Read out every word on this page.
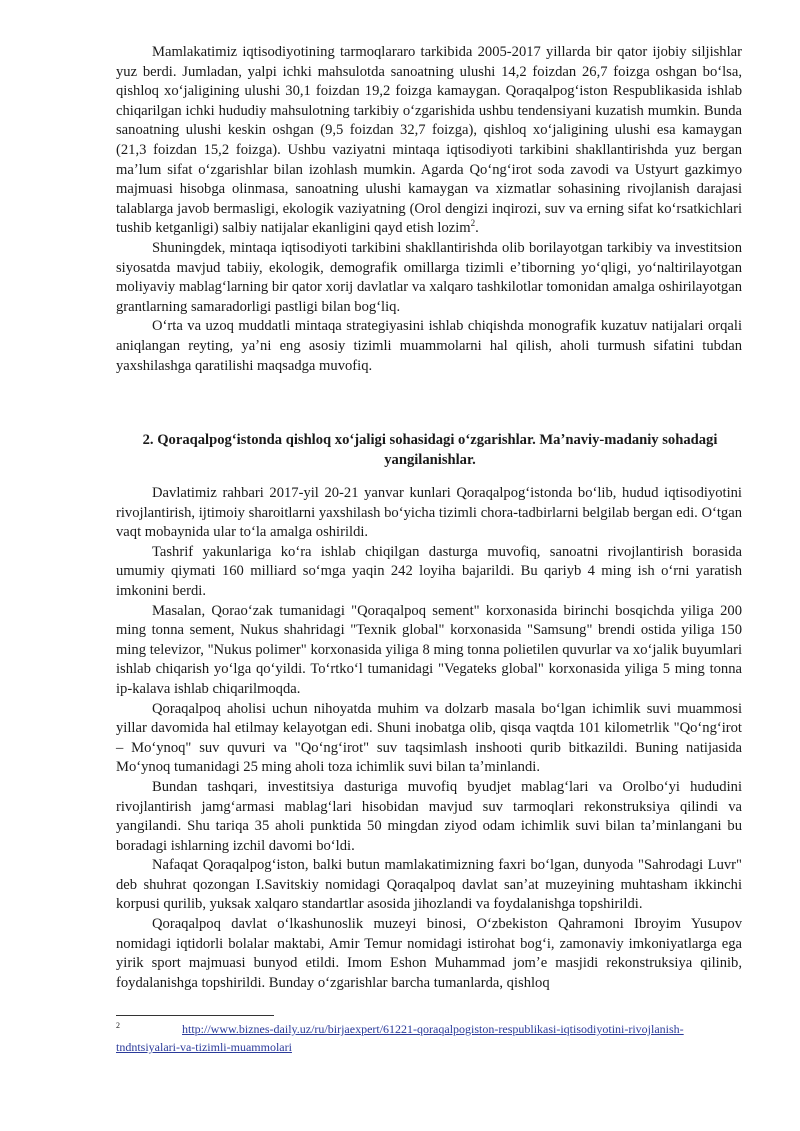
Mamlakatimiz iqtisodiyotining tarmoqlararo tarkibida 2005-2017 yillarda bir qator ijobiy siljishlar yuz berdi. Jumladan, yalpi ichki mahsulotda sanoatning ulushi 14,2 foizdan 26,7 foizga oshgan boʻlsa, qishloq xoʻjaligining ulushi 30,1 foizdan 19,2 foizga kamaygan. Qoraqalpogʻiston Respublikasida ishlab chiqarilgan ichki hududiy mahsulotning tarkibiy oʻzgarishida ushbu tendensiyani kuzatish mumkin. Bunda sanoatning ulushi keskin oshgan (9,5 foizdan 32,7 foizga), qishloq xoʻjaligining ulushi esa kamaygan (21,3 foizdan 15,2 foizga). Ushbu vaziyatni mintaqa iqtisodiyoti tarkibini shakllantirishda yuz bergan maʼlum sifat oʻzgarishlar bilan izohlash mumkin. Agarda Qoʻngʻirot soda zavodi va Ustyurt gazkimyo majmuasi hisobga olinmasa, sanoatning ulushi kamaygan va xizmatlar sohasining rivojlanish darajasi talablarga javob bermasligi, ekologik vaziyatning (Orol dengizi inqirozi, suv va erning sifat koʻrsatkichlari tushib ketganligi) salbiy natijalar ekanligini qayd etish lozim$^2$.

Shuningdek, mintaqa iqtisodiyoti tarkibini shakllantirishda olib borilayotgan tarkibiy va investitsion siyosatda mavjud tabiiy, ekologik, demografik omillarga tizimli eʼtiborning yoʻqligi, yoʻnaltirilayotgan moliyaviy mablagʻlarning bir qator xorij davlatlar va xalqaro tashkilotlar tomonidan amalga oshirilayotgan grantlarning samaradorligi pastligi bilan bogʻliq.

Oʻrta va uzoq muddatli mintaqa strategiyasini ishlab chiqishda monografik kuzatuv natijalari orqali aniqlangan reyting, yaʼni eng asosiy tizimli muammolarni hal qilish, aholi turmush sifatini tubdan yaxshilashga qaratilishi maqsadga muvofiq.

2. Qoraqalpogʻistonda qishloq xoʻjaligi sohasidagi oʻzgarishlar. Maʼnaviy-madaniy sohadagi yangilanishlar.

Davlatimiz rahbari 2017-yil 20-21 yanvar kunlari Qoraqalpogʻistonda boʻlib, hudud iqtisodiyotini rivojlantirish, ijtimoiy sharoitlarni yaxshilash boʻyicha tizimli chora-tadbirlarni belgilab bergan edi. Oʻtgan vaqt mobaynida ular toʻla amalga oshirildi.

Tashrif yakunlariga koʻra ishlab chiqilgan dasturga muvofiq, sanoatni rivojlantirish borasida umumiy qiymati 160 milliard soʻmga yaqin 242 loyiha bajarildi. Bu qariyb 4 ming ish oʻrni yaratish imkonini berdi.

Masalan, Qoraoʻzak tumanidagi "Qoraqalpoq sement" korxonasida birinchi bosqichda yiliga 200 ming tonna sement, Nukus shahridagi "Texnik global" korxonasida "Samsung" brendi ostida yiliga 150 ming televizor, "Nukus polimer" korxonasida yiliga 8 ming tonna polietilen quvurlar va xoʻjalik buyumlari ishlab chiqarish yoʻlga qoʻyildi. Toʻrtkoʻl tumanidagi "Vegateks global" korxonasida yiliga 5 ming tonna ip-kalava ishlab chiqarilmoqda.

Qoraqalpoq aholisi uchun nihoyatda muhim va dolzarb masala boʻlgan ichimlik suvi muammosi yillar davomida hal etilmay kelayotgan edi. Shuni inobatga olib, qisqa vaqtda 101 kilometrlik "Qoʻngʻirot – Moʻynoq" suv quvuri va "Qoʻngʻirot" suv taqsimlash inshooti qurib bitkazildi. Buning natijasida Moʻynoq tumanidagi 25 ming aholi toza ichimlik suvi bilan taʼminlandi.

Bundan tashqari, investitsiya dasturiga muvofiq byudjet mablagʻlari va Orolboʻyi hududini rivojlantirish jamgʻarmasi mablagʻlari hisobidan mavjud suv tarmoqlari rekonstruksiya qilindi va yangilandi. Shu tariqa 35 aholi punktida 50 mingdan ziyod odam ichimlik suvi bilan taʼminlangani bu boradagi ishlarning izchil davomi boʻldi.

Nafaqat Qoraqalpogʻiston, balki butun mamlakatimizning faxri boʻlgan, dunyoda "Sahrodagi Luvr" deb shuhrat qozongan I.Savitskiy nomidagi Qoraqalpoq davlat sanʼat muzeyining muhtasham ikkinchi korpusi qurilib, yuksak xalqaro standartlar asosida jihozlandi va foydalanishga topshirildi.

Qoraqalpoq davlat oʻlkashunoslik muzeyi binosi, Oʻzbekiston Qahramoni Ibroyim Yusupov nomidagi iqtidorli bolalar maktabi, Amir Temur nomidagi istirohat bogʻi, zamonaviy imkoniyatlarga ega yirik sport majmuasi bunyod etildi. Imom Eshon Muhammad jomʼe masjidi rekonstruksiya qilinib, foydalanishga topshirildi. Bunday oʻzgarishlar barcha tumanlarda, qishloq

$^2$	http://www.biznes-daily.uz/ru/birjaexpert/61221-qoraqalpogiston-respublikasi-iqtisodiyotini-rivojlanish-tndntsiyalari-va-tizimli-muammolari
